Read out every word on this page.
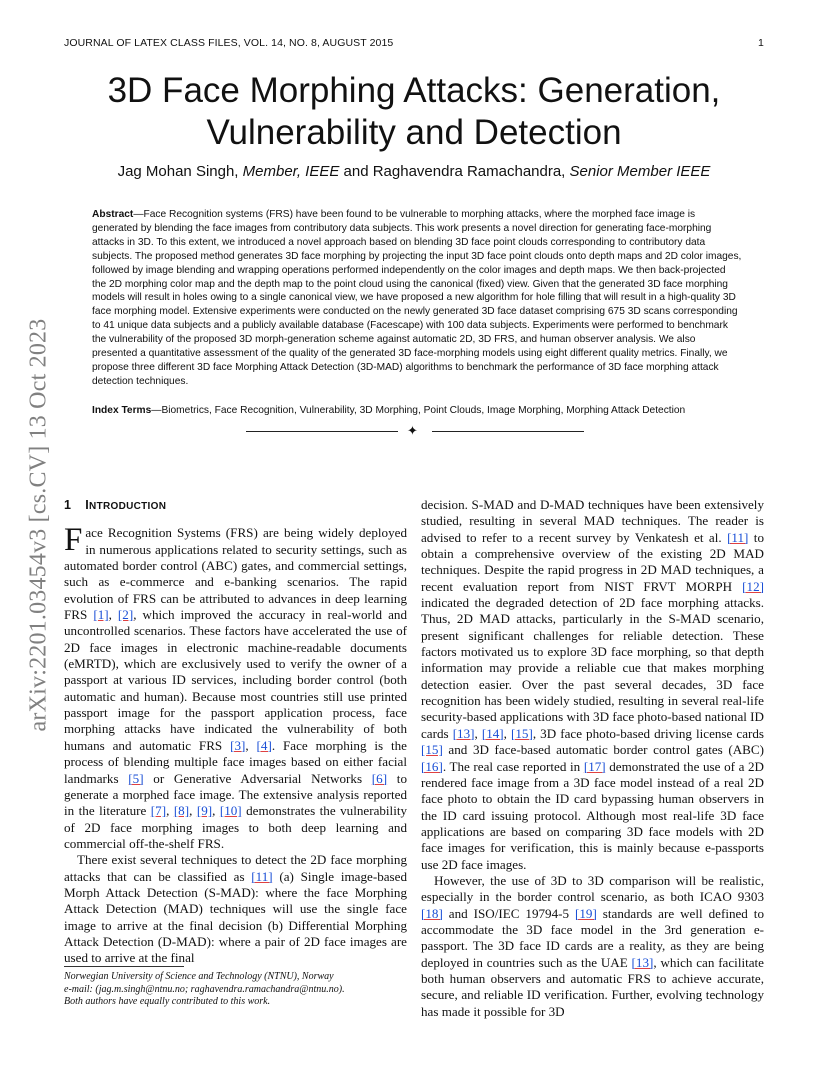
JOURNAL OF LATEX CLASS FILES, VOL. 14, NO. 8, AUGUST 2015	1
arXiv:2201.03454v3 [cs.CV] 13 Oct 2023
3D Face Morphing Attacks: Generation,
Vulnerability and Detection
Jag Mohan Singh, Member, IEEE and Raghavendra Ramachandra, Senior Member IEEE
Abstract—Face Recognition systems (FRS) have been found to be vulnerable to morphing attacks, where the morphed face image is generated by blending the face images from contributory data subjects. This work presents a novel direction for generating face-morphing attacks in 3D. To this extent, we introduced a novel approach based on blending 3D face point clouds corresponding to contributory data subjects. The proposed method generates 3D face morphing by projecting the input 3D face point clouds onto depth maps and 2D color images, followed by image blending and wrapping operations performed independently on the color images and depth maps. We then back-projected the 2D morphing color map and the depth map to the point cloud using the canonical (fixed) view. Given that the generated 3D face morphing models will result in holes owing to a single canonical view, we have proposed a new algorithm for hole filling that will result in a high-quality 3D face morphing model. Extensive experiments were conducted on the newly generated 3D face dataset comprising 675 3D scans corresponding to 41 unique data subjects and a publicly available database (Facescape) with 100 data subjects. Experiments were performed to benchmark the vulnerability of the proposed 3D morph-generation scheme against automatic 2D, 3D FRS, and human observer analysis. We also presented a quantitative assessment of the quality of the generated 3D face-morphing models using eight different quality metrics. Finally, we propose three different 3D face Morphing Attack Detection (3D-MAD) algorithms to benchmark the performance of 3D face morphing attack detection techniques.
Index Terms—Biometrics, Face Recognition, Vulnerability, 3D Morphing, Point Clouds, Image Morphing, Morphing Attack Detection
✦
1 INTRODUCTION

Face Recognition Systems (FRS) are being widely deployed in numerous applications related to security settings, such as automated border control (ABC) gates, and commercial settings, such as e-commerce and e-banking scenarios. The rapid evolution of FRS can be attributed to advances in deep learning FRS [1], [2], which improved the accuracy in real-world and uncontrolled scenarios. These factors have accelerated the use of 2D face images in electronic machine-readable documents (eMRTD), which are exclusively used to verify the owner of a passport at various ID services, including border control (both automatic and human). Because most countries still use printed passport image for the passport application process, face morphing attacks have indicated the vulnerability of both humans and automatic FRS [3], [4]. Face morphing is the process of blending multiple face images based on either facial landmarks [5] or Generative Adversarial Networks [6] to generate a morphed face image. The extensive analysis reported in the literature [7], [8], [9], [10] demonstrates the vulnerability of 2D face morphing images to both deep learning and commercial off-the-shelf FRS.

There exist several techniques to detect the 2D face morphing attacks that can be classified as [11] (a) Single image-based Morph Attack Detection (S-MAD): where the face Morphing Attack Detection (MAD) techniques will use the single face image to arrive at the final decision (b) Differential Morphing Attack Detection (D-MAD): where a pair of 2D face images are used to arrive at the final

decision. S-MAD and D-MAD techniques have been extensively studied, resulting in several MAD techniques. The reader is advised to refer to a recent survey by Venkatesh et al. [11] to obtain a comprehensive overview of the existing 2D MAD techniques. Despite the rapid progress in 2D MAD techniques, a recent evaluation report from NIST FRVT MORPH [12] indicated the degraded detection of 2D face morphing attacks. Thus, 2D MAD attacks, particularly in the S-MAD scenario, present significant challenges for reliable detection. These factors motivated us to explore 3D face morphing, so that depth information may provide a reliable cue that makes morphing detection easier. Over the past several decades, 3D face recognition has been widely studied, resulting in several real-life security-based applications with 3D face photo-based national ID cards [13], [14], [15], 3D face photo-based driving license cards [15] and 3D face-based automatic border control gates (ABC) [16]. The real case reported in [17] demonstrated the use of a 2D rendered face image from a 3D face model instead of a real 2D face photo to obtain the ID card bypassing human observers in the ID card issuing protocol. Although most real-life 3D face applications are based on comparing 3D face models with 2D face images for verification, this is mainly because e-passports use 2D face images.

However, the use of 3D to 3D comparison will be realistic, especially in the border control scenario, as both ICAO 9303 [18] and ISO/IEC 19794-5 [19] standards are well defined to accommodate the 3D face model in the 3rd generation e-passport. The 3D face ID cards are a reality, as they are being deployed in countries such as the UAE [13], which can facilitate both human observers and automatic FRS to achieve accurate, secure, and reliable ID verification. Further, evolving technology has made it possible for 3D

Norwegian University of Science and Technology (NTNU), Norway
e-mail: (jag.m.singh@ntnu.no; raghavendra.ramachandra@ntnu.no).
Both authors have equally contributed to this work.
